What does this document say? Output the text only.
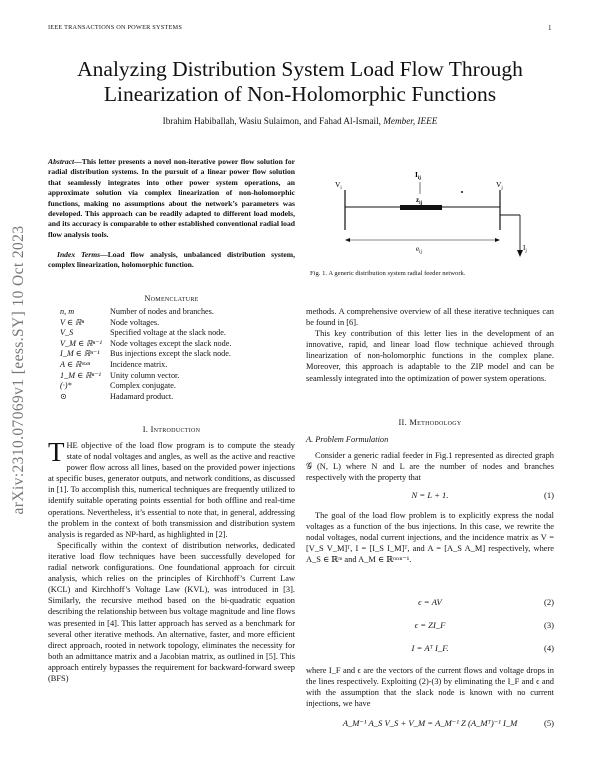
IEEE TRANSACTIONS ON POWER SYSTEMS	1
arXiv:2310.07069v1 [eess.SY] 10 Oct 2023
Analyzing Distribution System Load Flow Through
Linearization of Non-Holomorphic Functions
Ibrahim Habiballah, Wasiu Sulaimon, and Fahad Al-Ismail, Member, IEEE
Abstract—This letter presents a novel non-iterative power flow solution for radial distribution systems. In the pursuit of a linear power flow solution that seamlessly integrates into other power system operations, an approximate solution via complex linearization of non-holomorphic functions, making no assumptions about the network’s parameters was developed. This approach can be readily adapted to different load models, and its accuracy is comparable to other established conventional radial load flow analysis tools.
Index Terms—Load flow analysis, unbalanced distribution system, complex linearization, holomorphic function.
Nomenclature
n, m	Number of nodes and branches.
V ∈ ℝⁿ	Node voltages.
V_S	Specified voltage at the slack node.
V_M ∈ ℝⁿ⁻¹ Node voltages except the slack node.
I_M ∈ ℝⁿ⁻¹	Bus injections except the slack node.
A ∈ ℝᵐˣⁿ	Incidence matrix.
1_M ∈ ℝⁿ⁻¹	Unity column vector.
(·)*	Complex conjugate.
⊙	Hadamard product.
I. Introduction

THE objective of the load flow program is to compute the steady state of nodal voltages and angles, as well as the active and reactive power flow across all lines, based on the provided power injections at specific buses, generator outputs, and network conditions, as discussed in [1]. To accomplish this, numerical techniques are frequently utilized to identify suitable operating points essential for both offline and real-time operations. Nevertheless, it’s essential to note that, in general, addressing the problem in the context of both transmission and distribution system analysis is regarded as NP-hard, as highlighted in [2].

Specifically within the context of distribution networks, dedicated iterative load flow techniques have been successfully developed for radial network configurations. One foundational approach for circuit analysis, which relies on the principles of Kirchhoff’s Current Law (KCL) and Kirchhoff’s Voltage Law (KVL), was introduced in [3]. Similarly, the recursive method based on the bi-quadratic equation describing the relationship between bus voltage magnitude and line flows was presented in [4]. This latter approach has served as a benchmark for several other iterative methods. An alternative, faster, and more efficient direct approach, rooted in network topology, eliminates the necessity for both an admittance matrix and a Jacobian matrix, as outlined in [5]. This approach entirely bypasses the requirement for backward-forward sweep (BFS)

$I_{ij}$
$V_i$	$V_j$
$z_{ij}$
$e_{ij}$
$I_j$
Fig. 1. A generic distribution system radial feeder network.

methods. A comprehensive overview of all these iterative techniques can be found in [6].

This key contribution of this letter lies in the development of an innovative, rapid, and linear load flow technique achieved through linearization of non-holomorphic functions in the complex plane. Moreover, this approach is adaptable to the ZIP model and can be seamlessly integrated into the optimization of power system operations.

II. Methodology
A. Problem Formulation

Consider a generic radial feeder in Fig.1 represented as directed graph 𝒢 (N, L) where N and L are the number of nodes and branches respectively with the property that

N = L + 1.	(1)

The goal of the load flow problem is to explicitly express the nodal voltages as a function of the bus injections. In this case, we rewrite the nodal voltages, nodal current injections, and the incidence matrix as V = [V_S V_M]ᵀ, I = [I_S I_M]ᵀ, and A = [A_S A_M] respectively, where A_S ∈ ℝᵐ and A_M ∈ ℝᵐˣⁿ⁻¹.

ϵ = AV	(2)
ϵ = ZI_F	(3)
I = Aᵀ I_F.	(4)

where I_F and ϵ are the vectors of the current flows and voltage drops in the lines respectively. Exploiting (2)-(3) by eliminating the I_F and ϵ and with the assumption that the slack node is known with no current injections, we have

A_M⁻¹ A_S V_S + V_M = A_M⁻¹ Z (A_Mᵀ)⁻¹ I_M	(5)
